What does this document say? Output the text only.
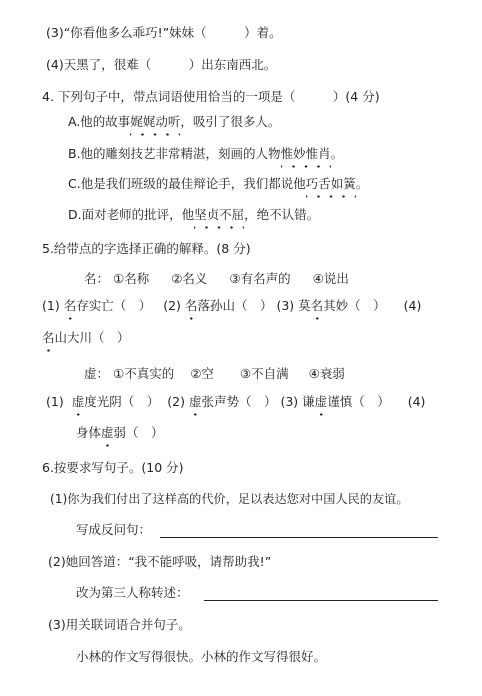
(3)“你看他多么乖巧!”妹妹（　　　）着。
(4)天黑了，很难（　　　）出东南西北。
4. 下列句子中，带点词语使用恰当的一项是（　　　）(4 分)
A.他的故事娓娓动听，吸引了很多人。
B.他的雕刻技艺非常精湛，刻画的人物惟妙惟肖。
C.他是我们班级的最佳辩论手，我们都说他巧舌如簧。
D.面对老师的批评，他坚贞不屈，绝不认错。
5.给带点的字选择正确的解释。(8 分)
名： ①名称 ②名义 ③有名声的 ④说出
(1) 名存实亡（　） (2) 名落孙山（　） (3) 莫名其妙（　） (4)
名山大川（　）
虚： ①不真实的 ②空 ③不自满 ④衰弱
(1) 虚度光阴（　） (2) 虚张声势（　） (3) 谦虚谨慎（　） (4)
身体虚弱（　）
6.按要求写句子。(10 分)
(1)你为我们付出了这样高的代价，足以表达您对中国人民的友谊。
写成反问句：
(2)她回答道：“我不能呼吸，请帮助我!”
改为第三人称转述：
(3)用关联词语合并句子。
小林的作文写得很快。小林的作文写得很好。
